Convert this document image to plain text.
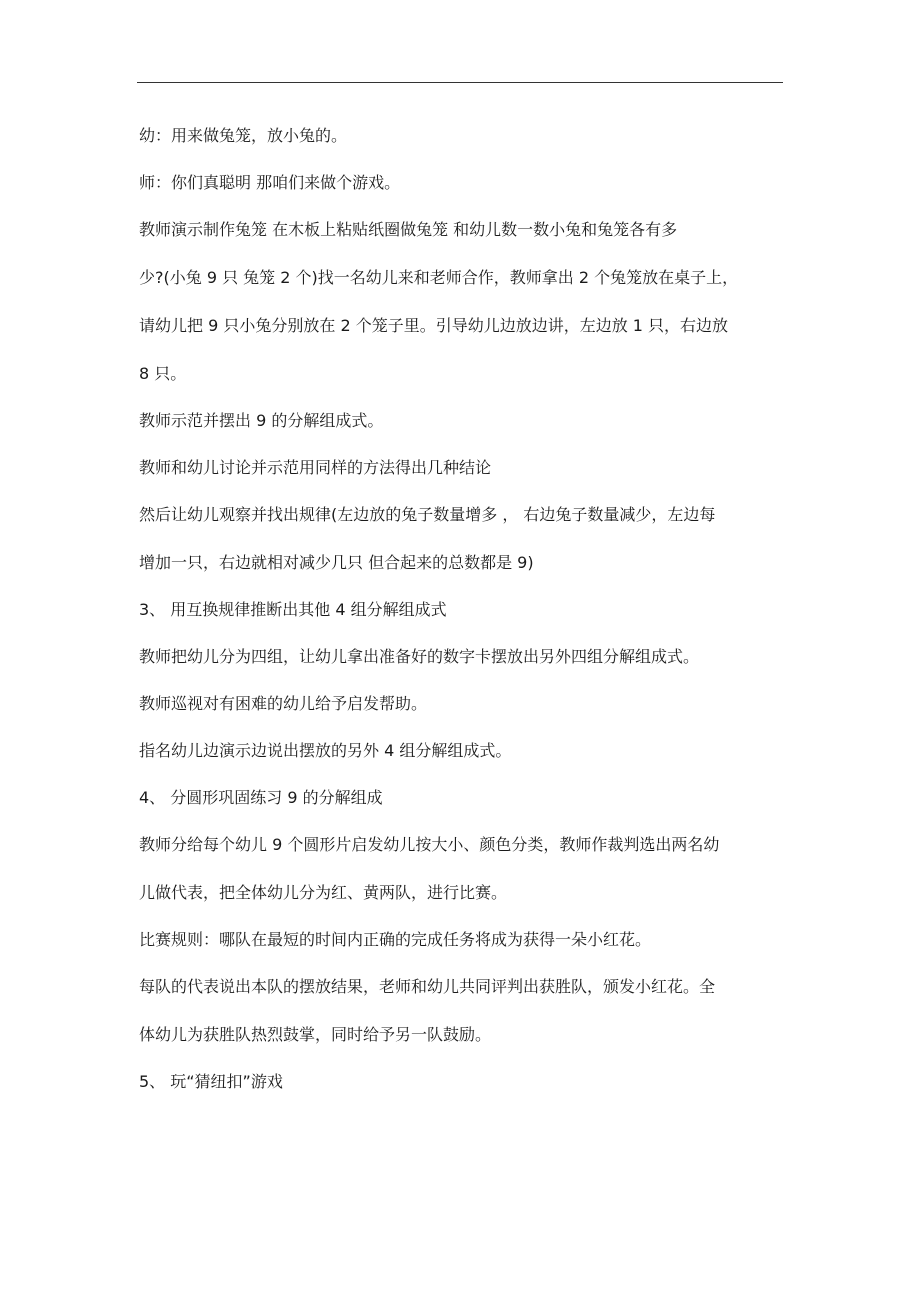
幼：用来做兔笼，放小兔的。

师：你们真聪明 那咱们来做个游戏。

教师演示制作兔笼 在木板上粘贴纸圈做兔笼 和幼儿数一数小兔和兔笼各有多

少?(小兔 9 只 兔笼 2 个)找一名幼儿来和老师合作，教师拿出 2 个兔笼放在桌子上，

请幼儿把 9 只小兔分别放在 2 个笼子里。引导幼儿边放边讲，左边放 1 只，右边放

8 只。

教师示范并摆出 9 的分解组成式。

教师和幼儿讨论并示范用同样的方法得出几种结论

然后让幼儿观察并找出规律(左边放的兔子数量增多 ， 右边兔子数量减少，左边每

增加一只，右边就相对减少几只 但合起来的总数都是 9)

3、 用互换规律推断出其他 4 组分解组成式

教师把幼儿分为四组，让幼儿拿出准备好的数字卡摆放出另外四组分解组成式。

教师巡视对有困难的幼儿给予启发帮助。

指名幼儿边演示边说出摆放的另外 4 组分解组成式。

4、 分圆形巩固练习 9 的分解组成

教师分给每个幼儿 9 个圆形片启发幼儿按大小、颜色分类，教师作裁判选出两名幼

儿做代表，把全体幼儿分为红、黄两队，进行比赛。

比赛规则：哪队在最短的时间内正确的完成任务将成为获得一朵小红花。

每队的代表说出本队的摆放结果，老师和幼儿共同评判出获胜队，颁发小红花。全

体幼儿为获胜队热烈鼓掌，同时给予另一队鼓励。

5、 玩“猜纽扣”游戏
